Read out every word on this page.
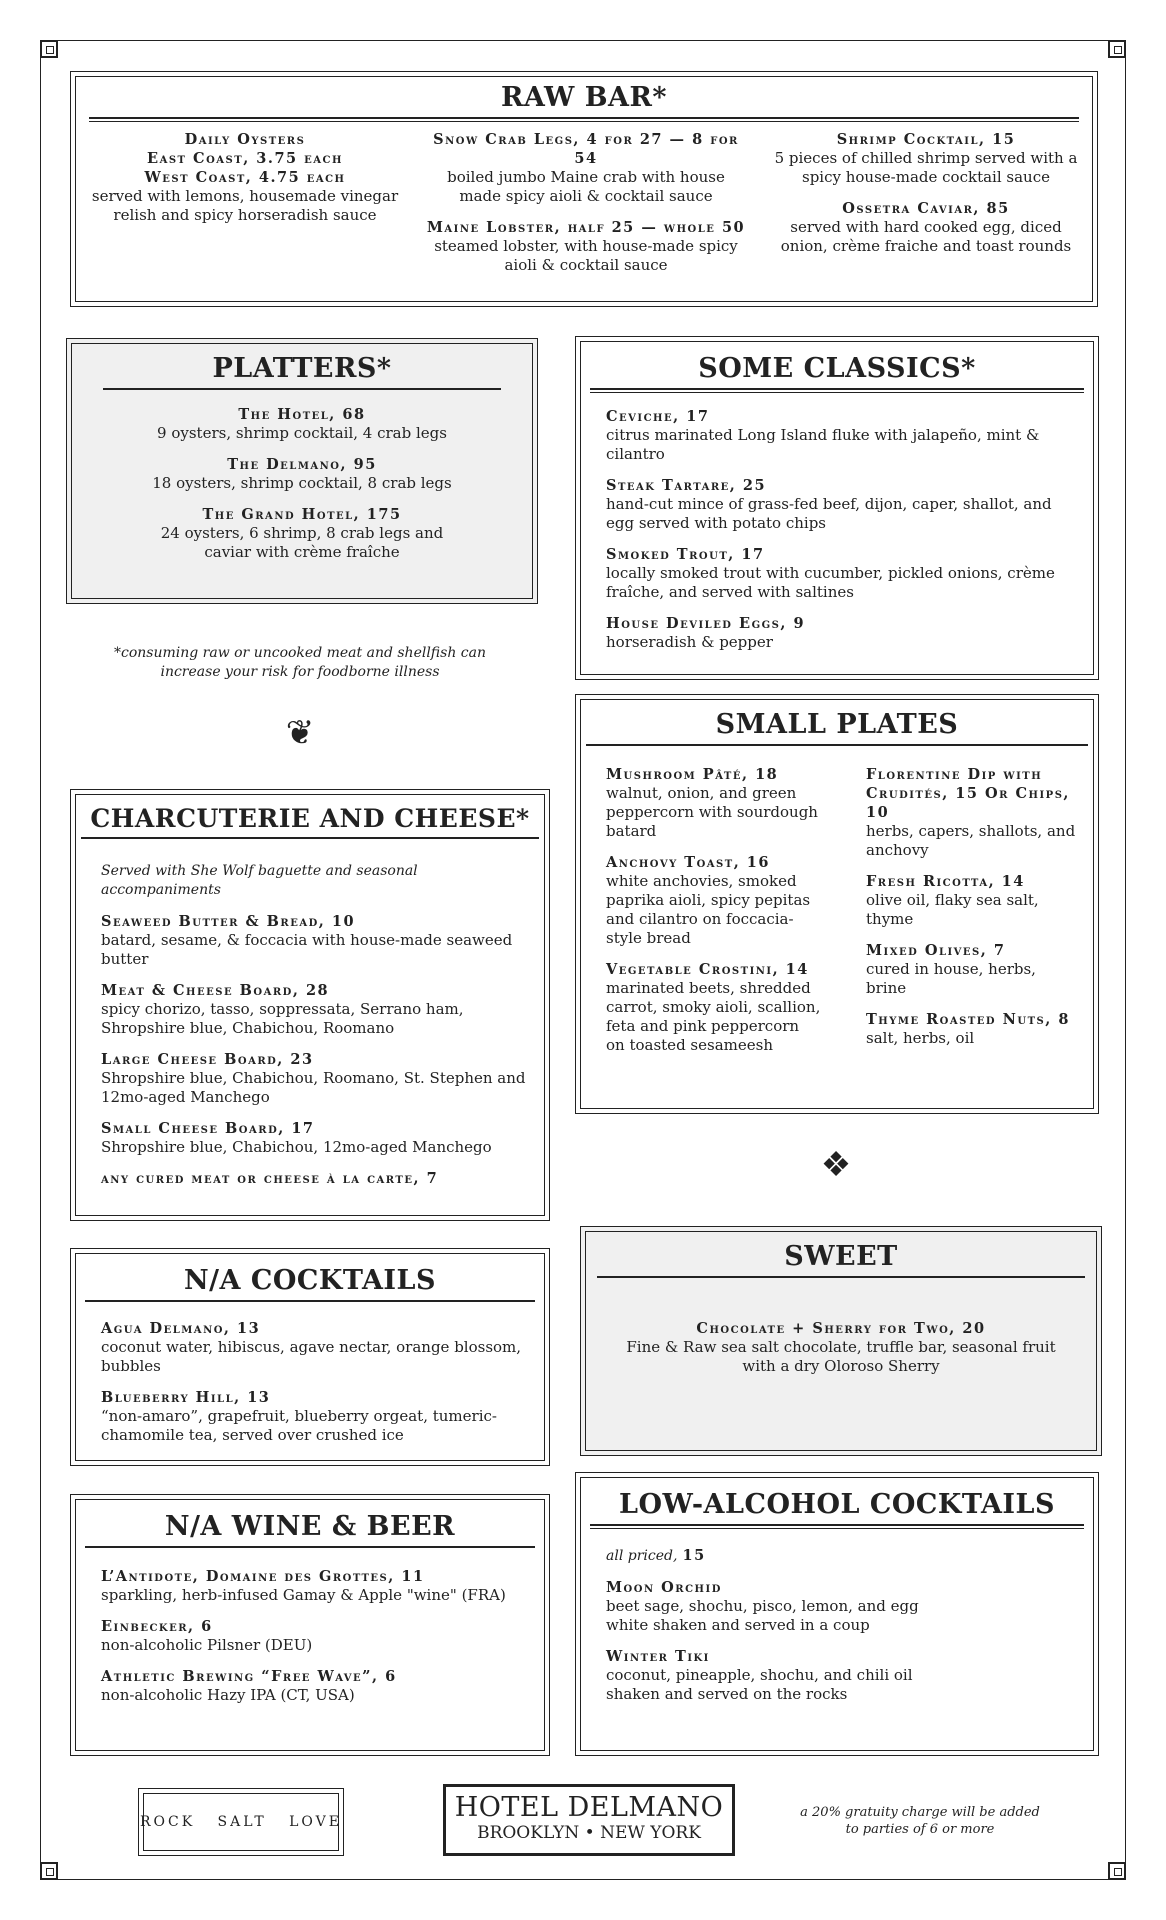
RAW BAR*
Daily Oysters
East Coast, 3.75 each
West Coast, 4.75 each
served with lemons, housemade vinegar relish and spicy horseradish sauce
Snow Crab Legs, 4 for 27 — 8 for 54
boiled jumbo Maine crab with house made spicy aioli & cocktail sauce
Maine Lobster, half 25 — whole 50
steamed lobster, with house-made spicy aioli & cocktail sauce
Shrimp Cocktail, 15
5 pieces of chilled shrimp served with a spicy house-made cocktail sauce
Ossetra Caviar, 85
served with hard cooked egg, diced onion, crème fraiche and toast rounds
PLATTERS*
The Hotel, 68
9 oysters, shrimp cocktail, 4 crab legs
The Delmano, 95
18 oysters, shrimp cocktail, 8 crab legs
The Grand Hotel, 175
24 oysters, 6 shrimp, 8 crab legs and caviar with crème fraîche
*consuming raw or uncooked meat and shellfish can increase your risk for foodborne illness
❦
SOME CLASSICS*
Ceviche, 17
citrus marinated Long Island fluke with jalapeño, mint & cilantro
Steak Tartare, 25
hand-cut mince of grass-fed beef, dijon, caper, shallot, and egg served with potato chips
Smoked Trout, 17
locally smoked trout with cucumber, pickled onions, crème fraîche, and served with saltines
House Deviled Eggs, 9
horseradish & pepper
SMALL PLATES
Mushroom Pâté, 18
walnut, onion, and green peppercorn with sourdough batard
Anchovy Toast, 16
white anchovies, smoked paprika aioli, spicy pepitas and cilantro on foccacia-style bread
Vegetable Crostini, 14
marinated beets, shredded carrot, smoky aioli, scallion, feta and pink peppercorn on toasted sesameesh
Florentine Dip with Crudités, 15 Or Chips, 10
herbs, capers, shallots, and anchovy
Fresh Ricotta, 14
olive oil, flaky sea salt, thyme
Mixed Olives, 7
cured in house, herbs, brine
Thyme Roasted Nuts, 8
salt, herbs, oil
❖
CHARCUTERIE AND CHEESE*
Served with She Wolf baguette and seasonal accompaniments
Seaweed Butter & Bread, 10
batard, sesame, & foccacia with house-made seaweed butter
Meat & Cheese Board, 28
spicy chorizo, tasso, soppressata, Serrano ham, Shropshire blue, Chabichou, Roomano
Large Cheese Board, 23
Shropshire blue, Chabichou, Roomano, St. Stephen and 12mo-aged Manchego
Small Cheese Board, 17
Shropshire blue, Chabichou, 12mo-aged Manchego
any cured meat or cheese à la carte, 7
SWEET
Chocolate + Sherry for Two, 20
Fine & Raw sea salt chocolate, truffle bar, seasonal fruit with a dry Oloroso Sherry
N/A COCKTAILS
Agua Delmano, 13
coconut water, hibiscus, agave nectar, orange blossom, bubbles
Blueberry Hill, 13
“non-amaro”, grapefruit, blueberry orgeat, tumeric-chamomile tea, served over crushed ice
LOW-ALCOHOL COCKTAILS
all priced, 15
Moon Orchid
beet sage, shochu, pisco, lemon, and egg white shaken and served in a coup
Winter Tiki
coconut, pineapple, shochu, and chili oil shaken and served on the rocks
N/A WINE & BEER
L’Antidote, Domaine des Grottes, 11
sparkling, herb-infused Gamay & Apple "wine" (FRA)
Einbecker, 6
non-alcoholic Pilsner (DEU)
Athletic Brewing “Free Wave”, 6
non-alcoholic Hazy IPA (CT, USA)
ROCK   SALT   LOVE	HOTEL DELMANO
BROOKLYN • NEW YORK
a 20% gratuity charge will be added to parties of 6 or more
